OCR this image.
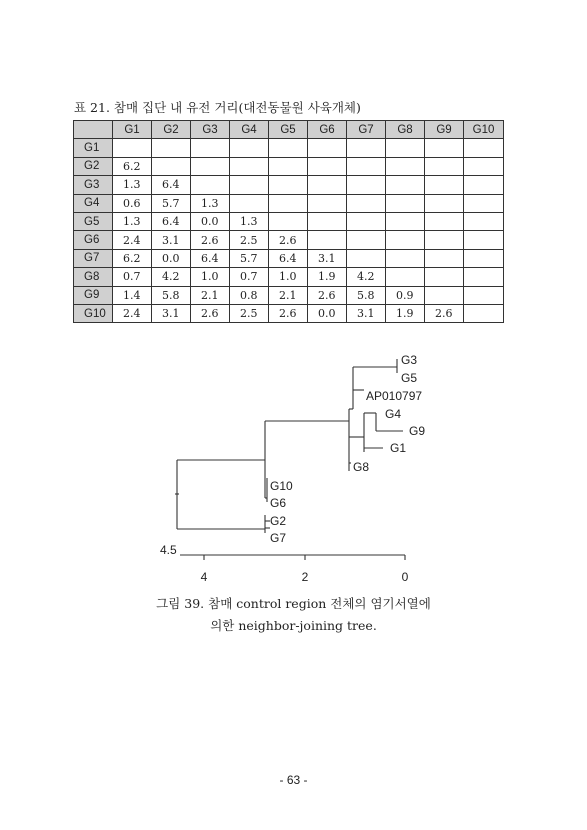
표 21. 참매 집단 내 유전 거리(대전동물원 사육개체)
	G1	G2	G3	G4	G5	G6	G7	G8	G9	G10
G1										
G2	6.2									
G3	1.3	6.4								
G4	0.6	5.7	1.3							
G5	1.3	6.4	0.0	1.3						
G6	2.4	3.1	2.6	2.5	2.6					
G7	6.2	0.0	6.4	5.7	6.4	3.1				
G8	0.7	4.2	1.0	0.7	1.0	1.9	4.2			
G9	1.4	5.8	2.1	0.8	2.1	2.6	5.8	0.9		
G10	2.4	3.1	2.6	2.5	2.6	0.0	3.1	1.9	2.6	
G3
G5
AP010797
G4
G9
G1
G8
G10
G6
G2
G7
4.5
4	2	0
그림 39. 참매 control region 전체의 염기서열에
의한 neighbor-joining tree.
- 63 -
